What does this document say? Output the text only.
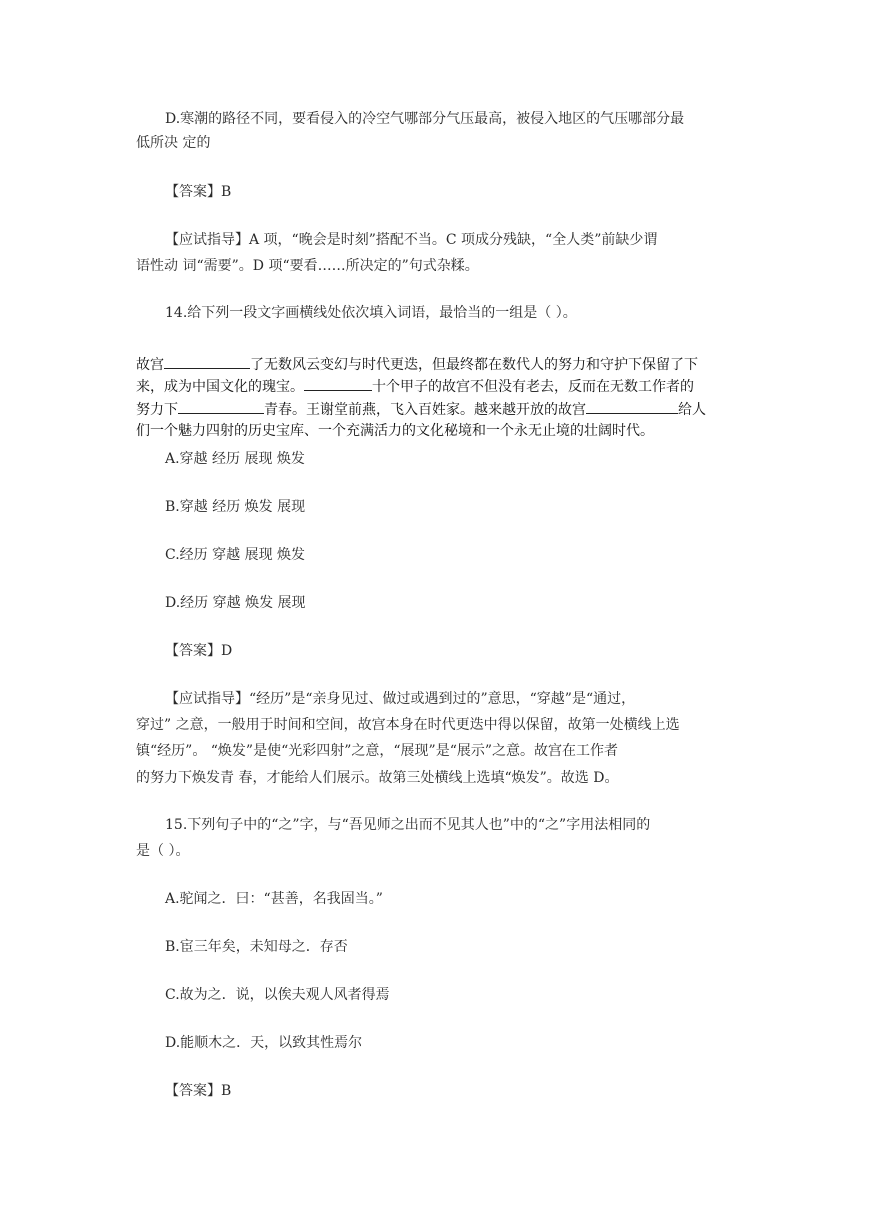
D.寒潮的路径不同，要看侵入的冷空气哪部分气压最高，被侵入地区的气压哪部分最
低所决 定的
【答案】B
【应试指导】A 项，“晚会是时刻”搭配不当。C 项成分残缺，“全人类”前缺少谓
语性动 词“需要”。D 项“要看……所决定的”句式杂糅。
14.给下列一段文字画横线处依次填入词语，最恰当的一组是（ ）。
故宫	了无数风云变幻与时代更迭，但最终都在数代人的努力和守护下保留了下
来，成为中国文化的瑰宝。	十个甲子的故宫不但没有老去，反而在无数工作者的
努力下	青春。王谢堂前燕，飞入百姓家。越来越开放的故宫	给人
们一个魅力四射的历史宝库、一个充满活力的文化秘境和一个永无止境的壮阔时代。
A.穿越 经历 展现 焕发
B.穿越 经历 焕发 展现
C.经历 穿越 展现 焕发
D.经历 穿越 焕发 展现
【答案】D
【应试指导】“经历”是“亲身见过、做过或遇到过的”意思，“穿越”是“通过，
穿过” 之意，一般用于时间和空间，故宫本身在时代更迭中得以保留，故第一处横线上选
镇“经历”。 “焕发”是使“光彩四射”之意，“展现”是“展示”之意。故宫在工作者
的努力下焕发青 春，才能给人们展示。故第三处横线上选填“焕发”。故选 D。
15.下列句子中的“之”字，与“吾见师之出而不见其人也”中的“之”字用法相同的
是（ ）。
A.驼闻之．曰：“甚善，名我固当。”
B.宦三年矣，未知母之．存否
C.故为之．说，以俟夫观人风者得焉
D.能顺木之．天，以致其性焉尔
【答案】B
